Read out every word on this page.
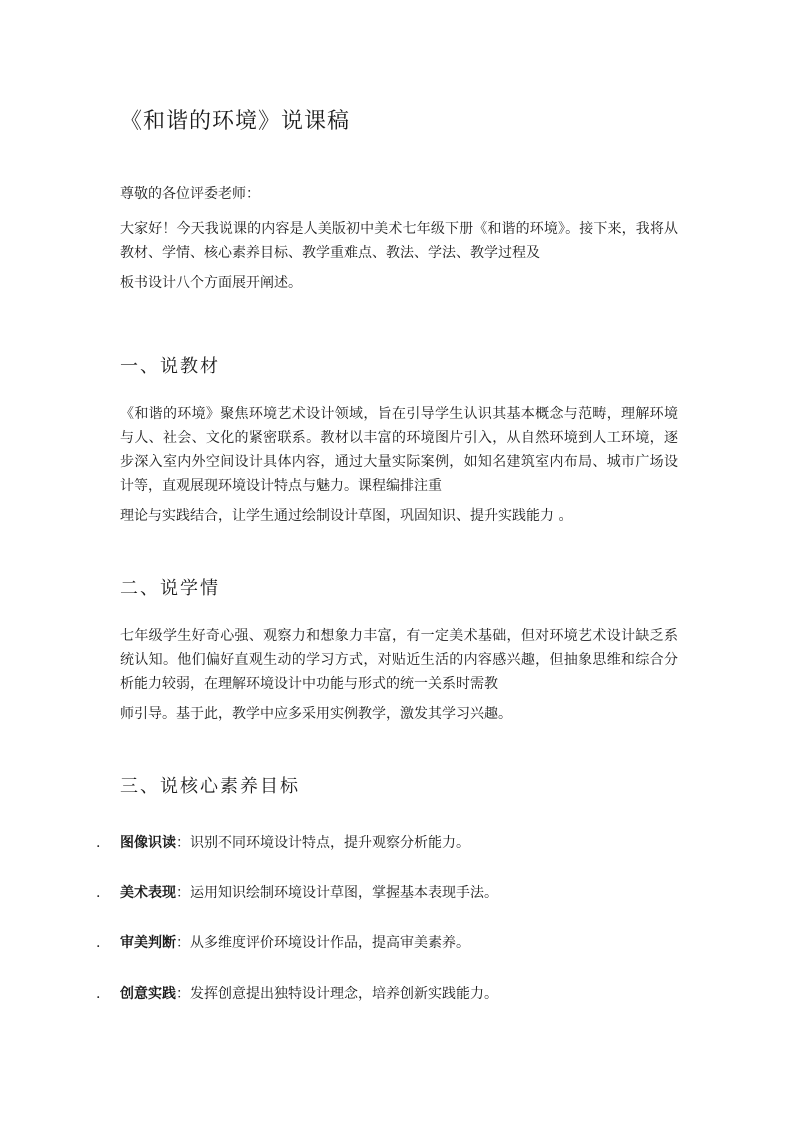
《和谐的环境》说课稿
尊敬的各位评委老师：
大家好！今天我说课的内容是人美版初中美术七年级下册《和谐的环境》。接下来，我将从教材、学情、核心素养目标、教学重难点、教法、学法、教学过程及
板书设计八个方面展开阐述。
一、说教材
《和谐的环境》聚焦环境艺术设计领域，旨在引导学生认识其基本概念与范畴，理解环境与人、社会、文化的紧密联系。教材以丰富的环境图片引入，从自然环境到人工环境，逐步深入室内外空间设计具体内容，通过大量实际案例，如知名建筑室内布局、城市广场设计等，直观展现环境设计特点与魅力。课程编排注重
理论与实践结合，让学生通过绘制设计草图，巩固知识、提升实践能力 。
二、说学情
七年级学生好奇心强、观察力和想象力丰富，有一定美术基础，但对环境艺术设计缺乏系统认知。他们偏好直观生动的学习方式，对贴近生活的内容感兴趣，但抽象思维和综合分析能力较弱，在理解环境设计中功能与形式的统一关系时需教
师引导。基于此，教学中应多采用实例教学，激发其学习兴趣。
三、说核心素养目标
. 图像识读：识别不同环境设计特点，提升观察分析能力。
. 美术表现：运用知识绘制环境设计草图，掌握基本表现手法。
. 审美判断：从多维度评价环境设计作品，提高审美素养。
. 创意实践：发挥创意提出独特设计理念，培养创新实践能力。
